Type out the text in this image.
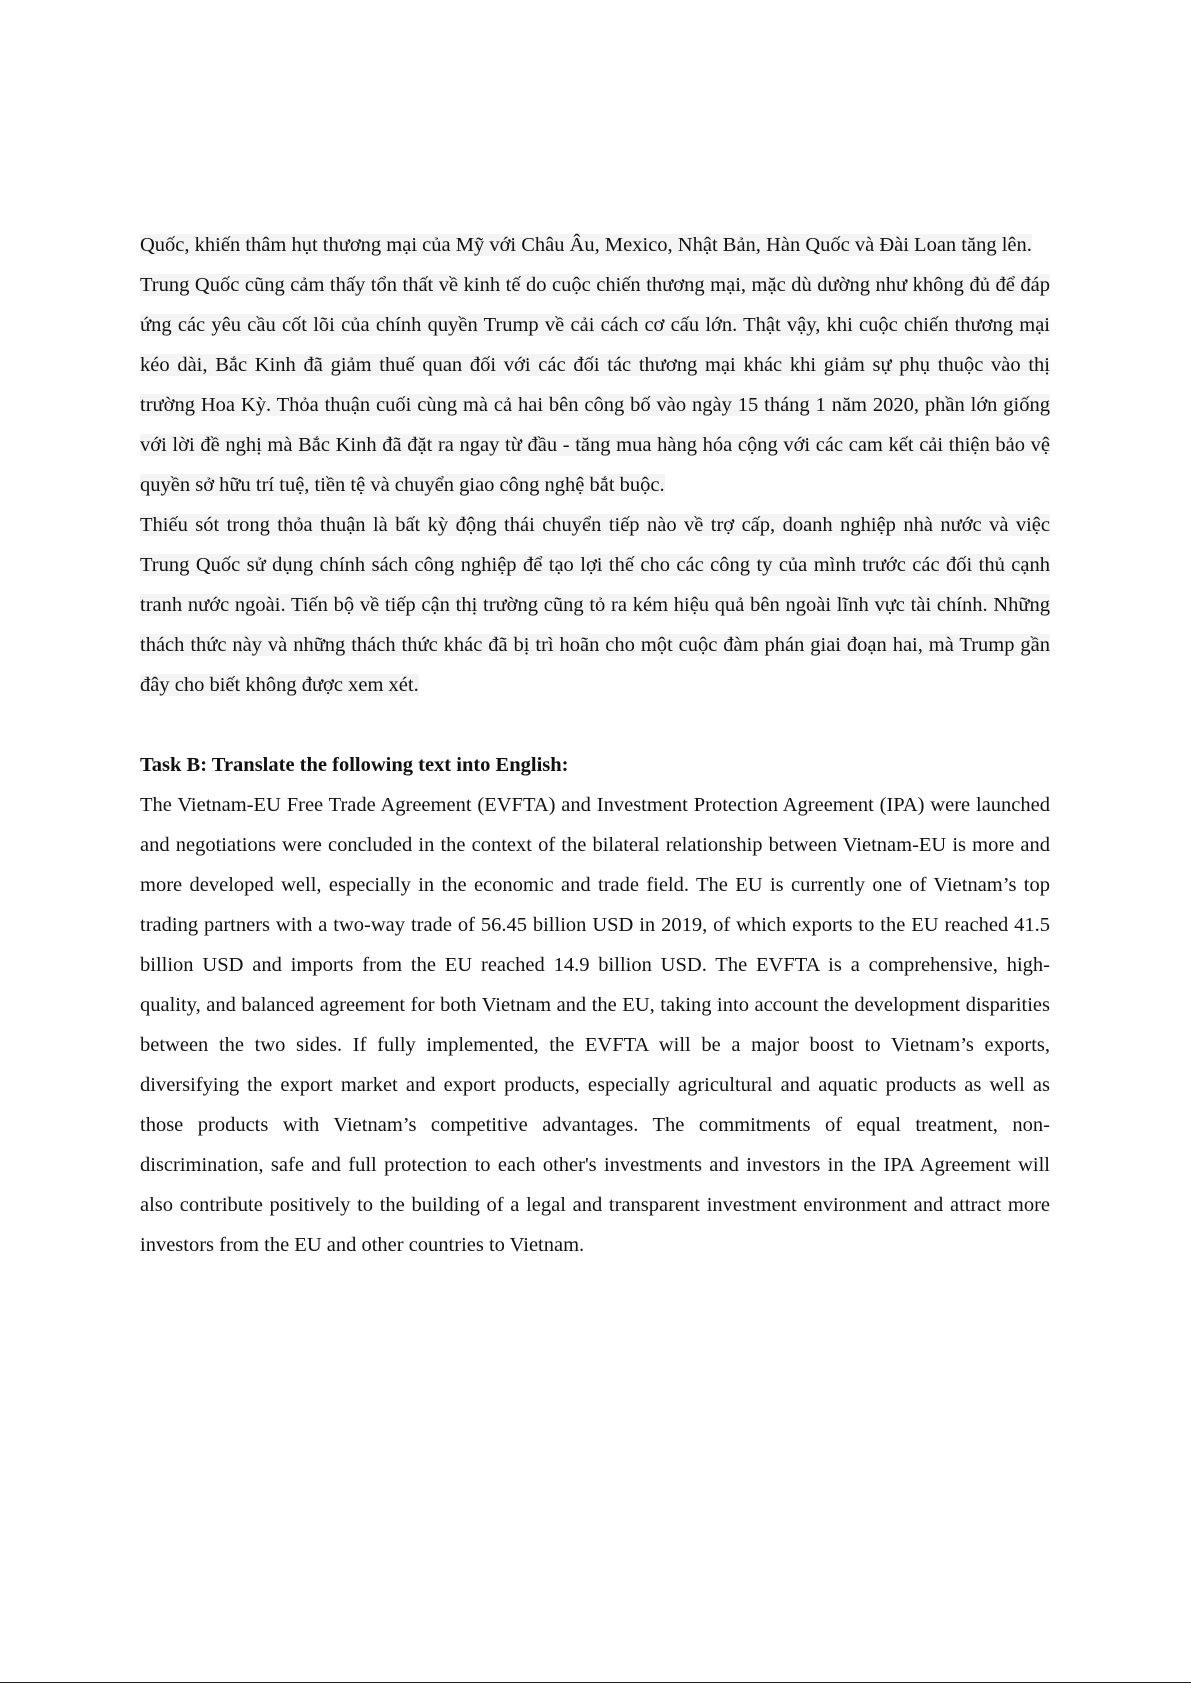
Quốc, khiến thâm hụt thương mại của Mỹ với Châu Âu, Mexico, Nhật Bản, Hàn Quốc và Đài Loan tăng lên.

Trung Quốc cũng cảm thấy tổn thất về kinh tế do cuộc chiến thương mại, mặc dù dường như không đủ để đáp ứng các yêu cầu cốt lõi của chính quyền Trump về cải cách cơ cấu lớn. Thật vậy, khi cuộc chiến thương mại kéo dài, Bắc Kinh đã giảm thuế quan đối với các đối tác thương mại khác khi giảm sự phụ thuộc vào thị trường Hoa Kỳ. Thỏa thuận cuối cùng mà cả hai bên công bố vào ngày 15 tháng 1 năm 2020, phần lớn giống với lời đề nghị mà Bắc Kinh đã đặt ra ngay từ đầu - tăng mua hàng hóa cộng với các cam kết cải thiện bảo vệ quyền sở hữu trí tuệ, tiền tệ và chuyển giao công nghệ bắt buộc.

Thiếu sót trong thỏa thuận là bất kỳ động thái chuyển tiếp nào về trợ cấp, doanh nghiệp nhà nước và việc Trung Quốc sử dụng chính sách công nghiệp để tạo lợi thế cho các công ty của mình trước các đối thủ cạnh tranh nước ngoài. Tiến bộ về tiếp cận thị trường cũng tỏ ra kém hiệu quả bên ngoài lĩnh vực tài chính. Những thách thức này và những thách thức khác đã bị trì hoãn cho một cuộc đàm phán giai đoạn hai, mà Trump gần đây cho biết không được xem xét.

Task B: Translate the following text into English:

The Vietnam-EU Free Trade Agreement (EVFTA) and Investment Protection Agreement (IPA) were launched and negotiations were concluded in the context of the bilateral relationship between Vietnam-EU is more and more developed well, especially in the economic and trade field. The EU is currently one of Vietnam’s top trading partners with a two-way trade of 56.45 billion USD in 2019, of which exports to the EU reached 41.5 billion USD and imports from the EU reached 14.9 billion USD. The EVFTA is a comprehensive, high-quality, and balanced agreement for both Vietnam and the EU, taking into account the development disparities between the two sides. If fully implemented, the EVFTA will be a major boost to Vietnam’s exports, diversifying the export market and export products, especially agricultural and aquatic products as well as those products with Vietnam’s competitive advantages. The commitments of equal treatment, non-discrimination, safe and full protection to each other's investments and investors in the IPA Agreement will also contribute positively to the building of a legal and transparent investment environment and attract more investors from the EU and other countries to Vietnam.
